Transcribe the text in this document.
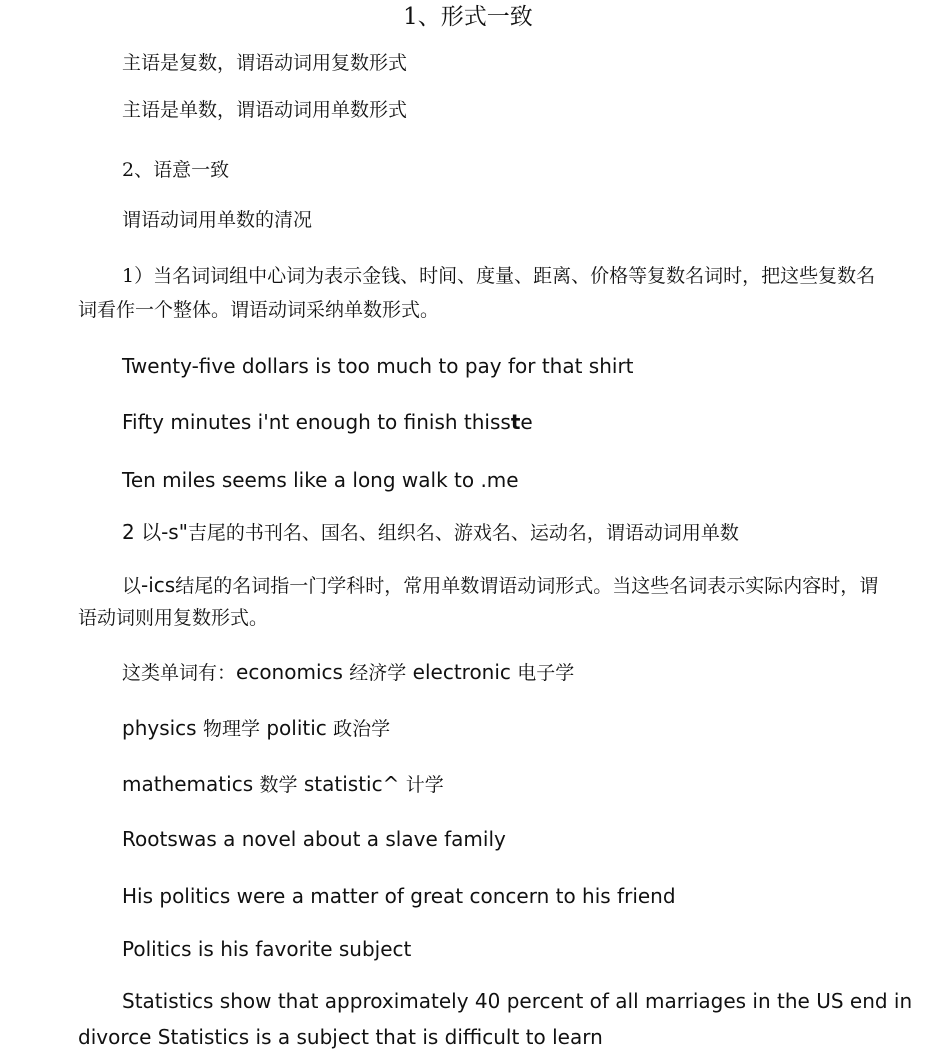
1、形式一致
主语是复数，谓语动词用复数形式
主语是单数，谓语动词用单数形式
2、语意一致
谓语动词用单数的清况
1）当名词词组中心词为表示金钱、时间、度量、距离、价格等复数名词时，把这些复数名
词看作一个整体。谓语动词采纳单数形式。
Twenty-five dollars is too much to pay for that shirt
Fifty minutes i'nt enough to finish thisste
Ten miles seems like a long walk to .me
2 以-s"吉尾的书刊名、国名、组织名、游戏名、运动名，谓语动词用单数
以-ics结尾的名词指一门学科时，常用单数谓语动词形式。当这些名词表示实际内容时，谓
语动词则用复数形式。
这类单词有：economics 经济学 electronic 电子学
physics 物理学 politic 政治学
mathematics 数学 statistic^ 计学
Rootswas a novel about a slave family
His politics were a matter of great concern to his friend
Politics is his favorite subject
Statistics show that approximately 40 percent of all marriages in the US end in
divorce Statistics is a subject that is difficult to learn
